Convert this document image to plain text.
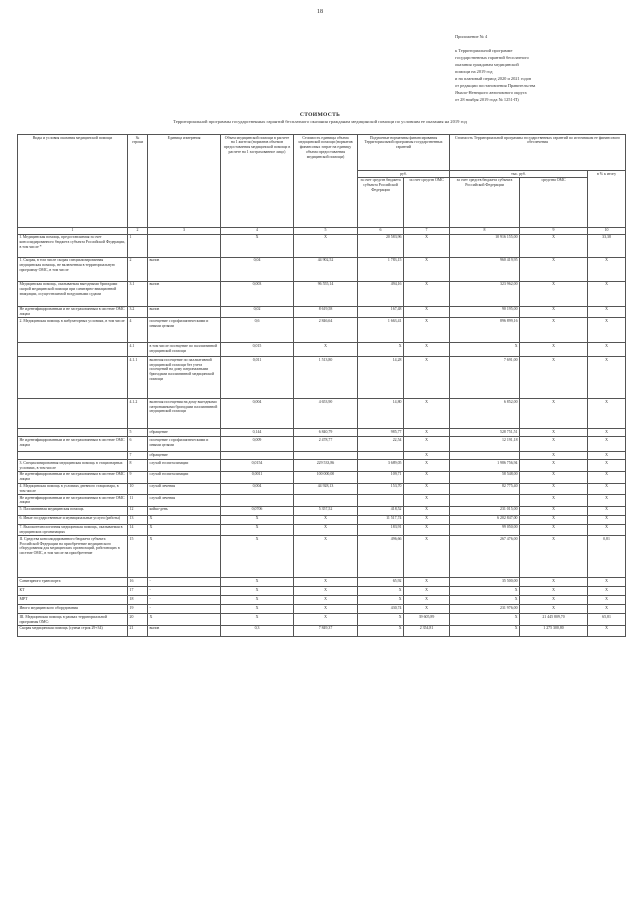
18
Приложение № 4
к Территориальной программе
государственных гарантий бесплатного
оказания гражданам медицинской
помощи на 2019 год
и на плановый период 2020 и 2021 годов
от редакции постановления Правительства
Ямало-Ненецкого автономного округа
от 28 ноября 2019 года № 1251-П)
СТОИМОСТЬ
Территориальной программы государственных гарантий бесплатного оказания гражданам медицинской помощи по условиям ее оказания на 2019 год
Виды и условия оказания медицинской помощи	№ строки	Единица измерения	Объем медицинской помощи в расчете на 1 жителя (норматив объемов предоставления медицинской помощи в расчете на 1 застрахованное лицо)	Стоимость единицы объема медицинской помощи (норматив финансовых затрат на единицу объема предоставления медицинской помощи)	Подушевые нормативы финансирования Территориальной программы государственных гарантий		Стоимость Территориальной программы государственных гарантий по источникам ее финансового обеспечения		
					руб.		тыс. руб.		в % к итогу
					за счет средств бюджета субъекта Российской Федерации	за счет средств ОМС	за счет средств бюджета субъекта Российской Федерации	средства ОМС	
1	2	3	4	5	6	7	8	9	10
I. Медицинская помощь, предоставляемая за счет консолидированного бюджета субъекта Российской Федерации, в том числе *	1		X	X	20 583,96	X	10 916 155,00	X	33,38
1. Скорая, в том числе скорая специализированная медицинская помощь, не включенная в территориальную программу ОМС, в том числе	2	вызов	0,04	44 902,52	1 783,15	X	960 419,95	X	X
Медицинская помощь, оказываемая выездными бригадами скорой медицинской помощи при санитарно-авиационной эвакуации, осуществляемой воздушными судами	3.1	вызов	0,003	96 555,14	494,16	X	323 962,00	X	X
Не идентифицированным и не застрахованным в системе ОМС лицам	3.2	вызов	0,02	8 619,58	167,48	X	90 195,00	X	X
2. Медицинская помощь в амбулаторных условиях, в том числе	4	посещение с профилактическими и иными целями	0,6	2 846,64	1 663,41	X	896 899,16	X	X
	4.1	в том числе посещение по паллиативной медицинской помощи	0,015	X	X	X	X	X	X
	4.1.1	включая посещение по паллиативной медицинской помощи без учета посещений на дому патронажными бригадами паллиативной медицинской помощи	0,011	1 513,80	14,28	X	7 691,00	X	X
	4.1.2	включая посещения на дому выездными патронажными бригадами паллиативной медицинской помощи	0,004	4 653,90	14,80	X	6 852,00	X	X
	5	обращение	0,144	6 840,79	985,77	X	528 751,51	X	X
Не идентифицированным и не застрахованным в системе ОМС лицам	6	посещение с профилактическими и иными целями	0,009	2 478,77	22,54	X	12 191,18	X	X
	7	обращение				X		X	X
3. Специализированная медицинская помощь в стационарных условиях, в том числе	8	случай госпитализации	0,0154	229 533,86	3 689,05	X	1 986 756,94	X	X
Не идентифицированным и не застрахованным в системе ОМС лицам	9	случай госпитализации	0,0011	100 000,00	109,71	X	58 548,00	X	X
4. Медицинская помощь в условиях дневного стационара, в том числе	10	случай лечения	0,004	44 928,13	153,70	X	82 775,40	X	X
Не идентифицированным и не застрахованным в системе ОМС лицам	11	случай лечения				X		X	X
5. Паллиативная медицинская помощь	12	койко-день	0,0706	5 357,52	418,52	X	231 015,00	X	X
6. Иные государственные и муниципальные услуги (работы)	13	X	X	X	11 517,74	X	6 202 847,00	X	X
7. Высокотехнологичная медицинская помощь, оказываемая в медицинских организациях	14	X	X	X	183,91	X	99 050,00	X	X
II. Средства консолидированного бюджета субъекта Российской Федерации на приобретение медицинского оборудования для медицинских организаций, работающих в системе ОМС, в том числе на приобретение	15	X	X	X	496,66	X	267 476,00	X	0,81
Санитарного транспорта	16	-	X	X	65,92	X	35 500,00	X	X
КТ	17	-	X	X	X	X	X	X	X
МРТ	18	-	X	X	X	X	X	X	X
Иного медицинского оборудования	19	-	X	X	430,74	X	231 976,00	X	X
III. Медицинская помощь в рамках территориальной программы ОМС:	20	X	X	X	X	39 605,89	X	21 445 809,70	65,81
Скорая медицинская помощь (сумма строк 29+34)	21	вызов	0,3	7 849,37	X	2 354,81	X	1 275 300,80	X
